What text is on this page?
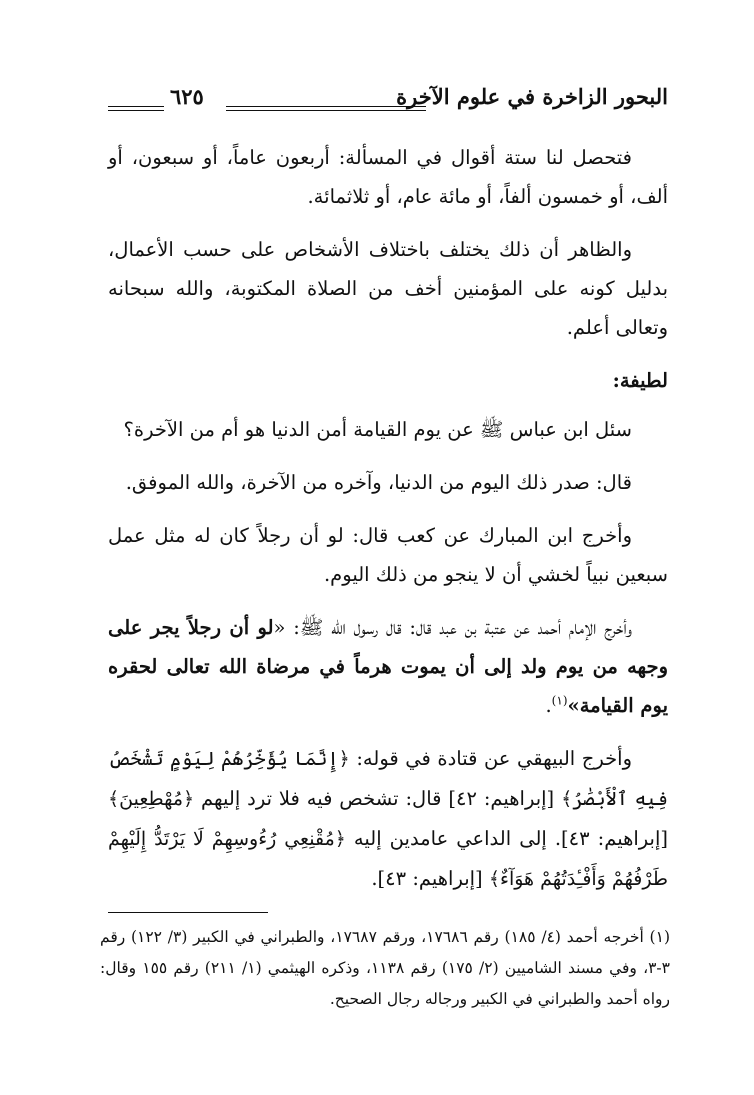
البحور الزاخرة في علوم الآخرة
٦٢٥

فتحصل لنا ستة أقوال في المسألة: أربعون عاماً، أو سبعون، أو ألف، أو خمسون ألفاً، أو مائة عام، أو ثلاثمائة.

والظاهر أن ذلك يختلف باختلاف الأشخاص على حسب الأعمال، بدليل كونه على المؤمنين أخف من الصلاة المكتوبة، والله سبحانه وتعالى أعلم.

لطيفة:

سئل ابن عباس ﷺ عن يوم القيامة أمن الدنيا هو أم من الآخرة؟

قال: صدر ذلك اليوم من الدنيا، وآخره من الآخرة، والله الموفق.

وأخرج ابن المبارك عن كعب قال: لو أن رجلاً كان له مثل عمل سبعين نبياً لخشي أن لا ينجو من ذلك اليوم.

وأخرج الإمام أحمد عن عتبة بن عبد قال: قال رسول الله ﷺ: «لو أن رجلاً يجر على وجهه من يوم ولد إلى أن يموت هرماً في مرضاة الله تعالى لحقره يوم القيامة»$^{(١)}$.

وأخرج البيهقي عن قتادة في قوله: ﴿إِنَّمَا يُؤَخِّرُهُمْ لِيَوْمٍ تَشْخَصُ فِيهِ ٱلْأَبْصَٰرُ﴾ [إبراهيم: ٤٢] قال: تشخص فيه فلا ترد إليهم ﴿مُهْطِعِينَ﴾ [إبراهيم: ٤٣]. إلى الداعي عامدين إليه ﴿مُقْنِعِي رُءُوسِهِمْ لَا يَرْتَدُّ إِلَيْهِمْ طَرْفُهُمْ وَأَفْـِٔدَتُهُمْ هَوَآءٌ﴾ [إبراهيم: ٤٣].

(١) أخرجه أحمد (٤/ ١٨٥) رقم ١٧٦٨٦، ورقم ١٧٦٨٧، والطبراني في الكبير (٣/ ١٢٢) رقم ٣-٣، وفي مسند الشاميين (٢/ ١٧٥) رقم ١١٣٨، وذكره الهيثمي (١/ ٢١١) رقم ١٥٥ وقال: رواه أحمد والطبراني في الكبير ورجاله رجال الصحيح.
